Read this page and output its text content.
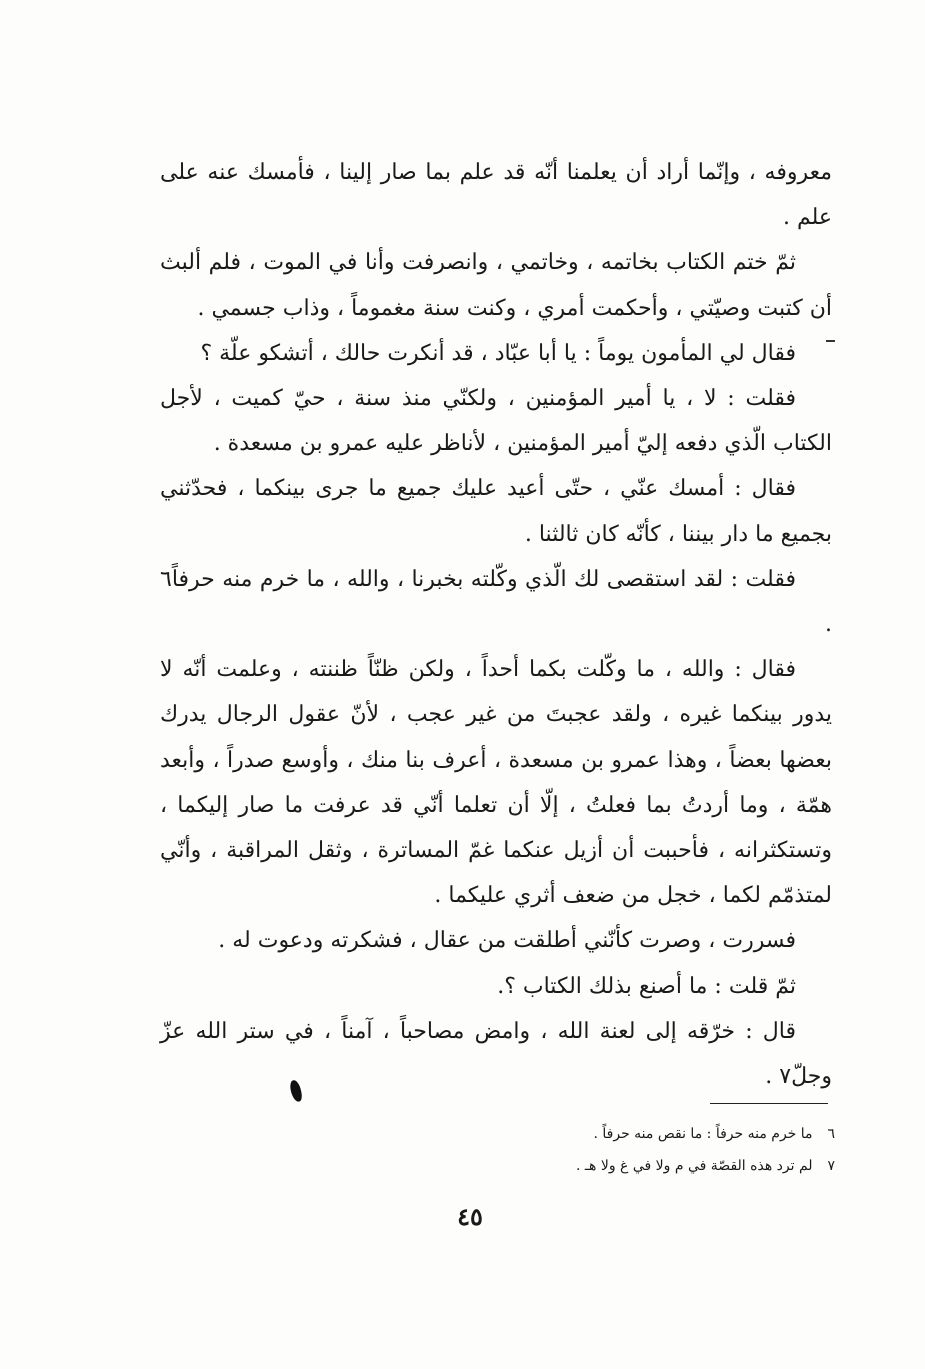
معروفه ، وإنّما أراد أن يعلمنا أنّه قد علم بما صار إلينا ، فأمسك عنه على علم .

ثمّ ختم الكتاب بخاتمه ، وخاتمي ، وانصرفت وأنا في الموت ، فلم ألبث أن كتبت وصيّتي ، وأحكمت أمري ، وكنت سنة مغموماً ، وذاب جسمي .

فقال لي المأمون يوماً : يا أبا عبّاد ، قد أنكرت حالك ، أتشكو علّة ؟

فقلت : لا ، يا أمير المؤمنين ، ولكنّي منذ سنة ، حيّ كميت ، لأجل الكتاب الّذي دفعه إليّ أمير المؤمنين ، لأناظر عليه عمرو بن مسعدة .

فقال : أمسك عنّي ، حتّى أعيد عليك جميع ما جرى بينكما ، فحدّثني بجميع ما دار بيننا ، كأنّه كان ثالثنا .

فقلت : لقد استقصى لك الّذي وكّلته بخبرنا ، والله ، ما خرم منه حرفاً٦ .

فقال : والله ، ما وكّلت بكما أحداً ، ولكن ظنّاً ظننته ، وعلمت أنّه لا يدور بينكما غيره ، ولقد عجبتَ من غير عجب ، لأنّ عقول الرجال يدرك بعضها بعضاً ، وهذا عمرو بن مسعدة ، أعرف بنا منك ، وأوسع صدراً ، وأبعد همّة ، وما أردتُ بما فعلتُ ، إلّا أن تعلما أنّي قد عرفت ما صار إليكما ، وتستكثرانه ، فأحببت أن أزيل عنكما غمّ المساترة ، وثقل المراقبة ، وأنّي لمتذمّم لكما ، خجل من ضعف أثري عليكما .

فسررت ، وصرت كأنّني أطلقت من عقال ، فشكرته ودعوت له .

ثمّ قلت : ما أصنع بذلك الكتاب ؟.

قال : خرّقه إلى لعنة الله ، وامض مصاحباً ، آمناً ، في ستر الله عزّ وجلّ٧ .

٦ ما خرم منه حرفاً : ما نقص منه حرفاً .

٧ لم ترد هذه القصّة في م ولا في غ ولا هـ .

٤٥
